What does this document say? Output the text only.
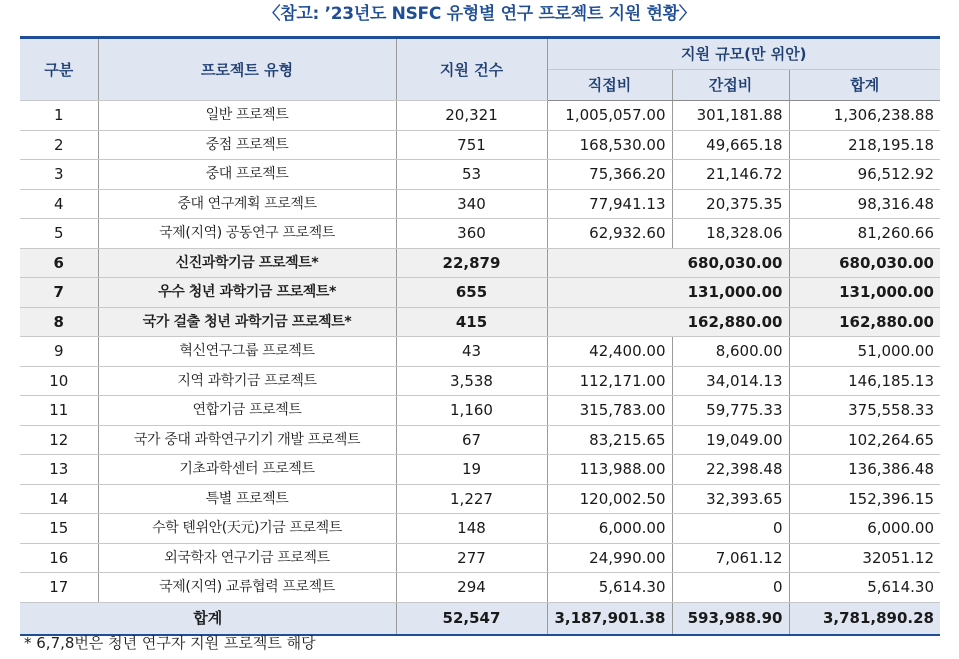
〈참고: ’23년도 NSFC 유형별 연구 프로젝트 지원 현황〉
구분	프로젝트 유형	지원 건수	지원 규모(만 위안)		
			직접비	간접비	합계
1	일반 프로젝트	20,321	1,005,057.00	301,181.88	1,306,238.88
2	중점 프로젝트	751	168,530.00	49,665.18	218,195.18
3	중대 프로젝트	53	75,366.20	21,146.72	96,512.92
4	중대 연구계획 프로젝트	340	77,941.13	20,375.35	98,316.48
5	국제(지역) 공동연구 프로젝트	360	62,932.60	18,328.06	81,260.66
6	신진과학기금 프로젝트*	22,879	680,030.00		680,030.00
7	우수 청년 과학기금 프로젝트*	655	131,000.00		131,000.00
8	국가 걸출 청년 과학기금 프로젝트*	415	162,880.00		162,880.00
9	혁신연구그룹 프로젝트	43	42,400.00	8,600.00	51,000.00
10	지역 과학기금 프로젝트	3,538	112,171.00	34,014.13	146,185.13
11	연합기금 프로젝트	1,160	315,783.00	59,775.33	375,558.33
12	국가 중대 과학연구기기 개발 프로젝트	67	83,215.65	19,049.00	102,264.65
13	기초과학센터 프로젝트	19	113,988.00	22,398.48	136,386.48
14	특별 프로젝트	1,227	120,002.50	32,393.65	152,396.15
15	수학 톈위안(天元)기금 프로젝트	148	6,000.00	0	6,000.00
16	외국학자 연구기금 프로젝트	277	24,990.00	7,061.12	32051.12
17	국제(지역) 교류협력 프로젝트	294	5,614.30	0	5,614.30
합계		52,547	3,187,901.38	593,988.90	3,781,890.28
* 6,7,8번은 청년 연구자 지원 프로젝트 해당
